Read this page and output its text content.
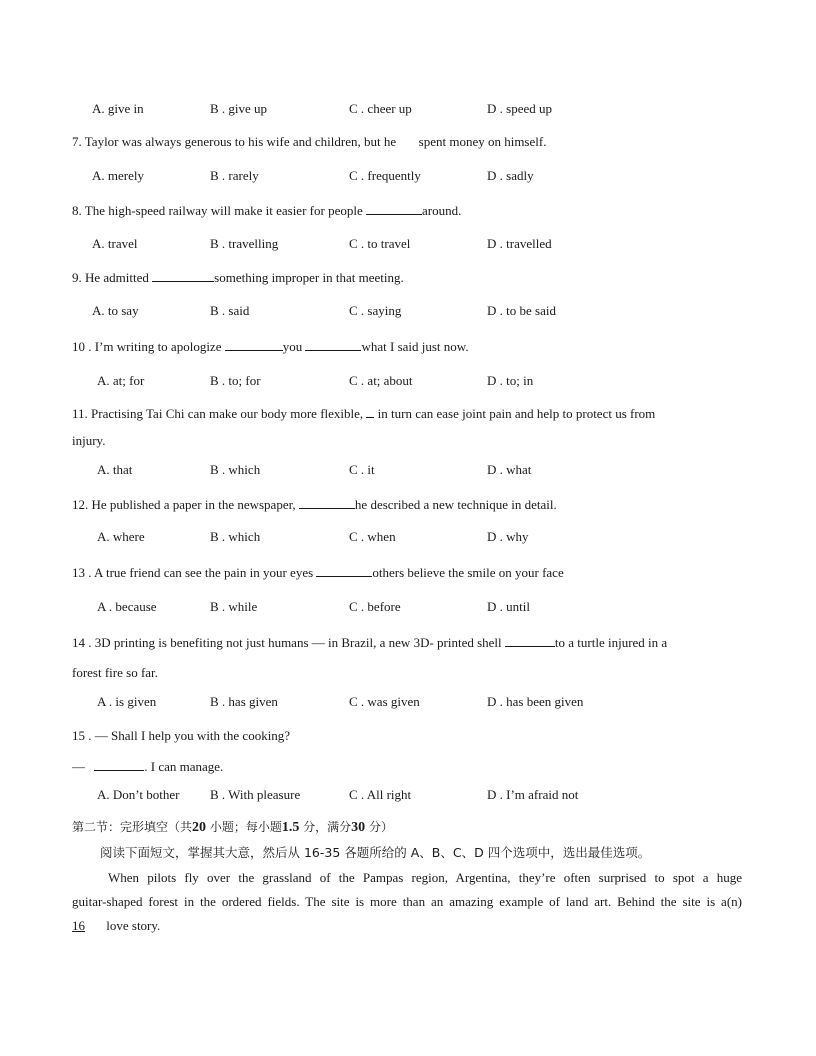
A. give in	B . give up	C . cheer up	D . speed up
7. Taylor was always generous to his wife and children, but he spent money on himself.
A. merely	B . rarely	C . frequently	D . sadly
8. The high-speed railway will make it easier for people	around.
A. travel	B . travelling	C . to travel	D . travelled
9. He admitted	something improper in that meeting.
A. to say	B . said	C . saying	D . to be said
10 . I’m writing to apologize	you	what I said just now.
A. at; for	B . to; for	C . at; about	D . to; in
11. Practising Tai Chi can make our body more flexible, in turn can ease joint pain and help to protect us from
injury.
A. that	B . which	C . it	D . what
12. He published a paper in the newspaper,	he described a new technique in detail.
A. where	B . which	C . when	D . why
13 . A true friend can see the pain in your eyes	others believe the smile on your face
A . because	B . while	C . before	D . until
14 . 3D printing is benefiting not just humans — in Brazil, a new 3D- printed shell	to a turtle injured in a
forest fire so far.
A . is given	B . has given	C . was given	D . has been given
15 . — Shall I help you with the cooking?
—	. I can manage.
A. Don’t bother B . With pleasure	C . All right	D . I’m afraid not
第二节：完形填空（共20 小题；每小题1.5 分，满分30 分）
阅读下面短文，掌握其大意，然后从 16-35 各题所给的 A、B、C、D 四个选项中，选出最佳选项。
When pilots fly over the grassland of the Pampas region, Argentina, they’re often surprised to spot a huge
guitar-shaped forest in the ordered fields. The site is more than an amazing example of land art. Behind the site is a(n)
16 love story.
